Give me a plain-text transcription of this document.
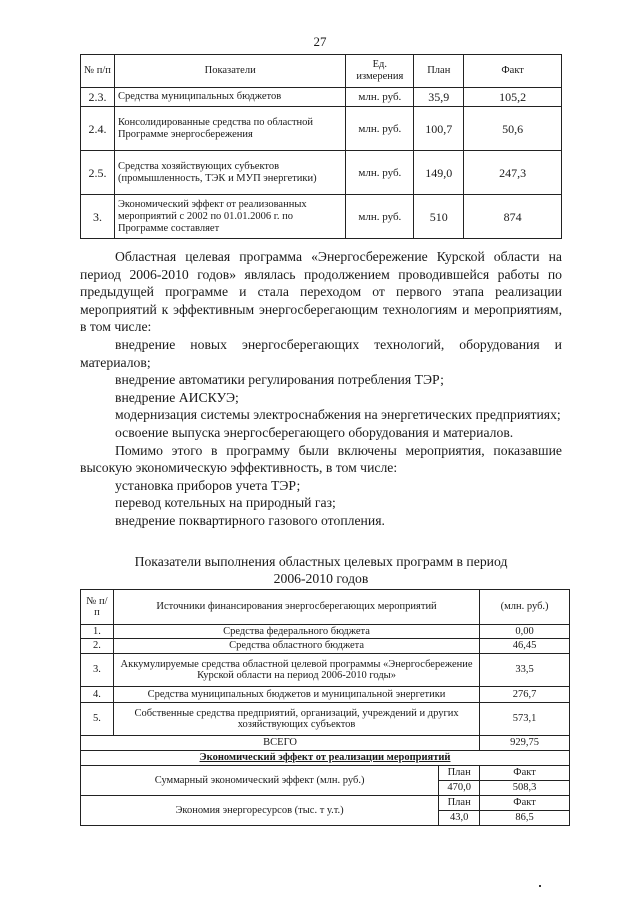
27
№ п/п	Показатели	Ед. измерения	План	Факт
2.3.	Средства муниципальных бюджетов	млн. руб.	35,9	105,2
2.4.	Консолидированные средства по областной Программе энергосбережения	млн. руб.	100,7	50,6
2.5.	Средства хозяйствующих субъектов (промышленность, ТЭК и МУП энергетики)	млн. руб.	149,0	247,3
3.	Экономический эффект от реализованных мероприятий с 2002 по 01.01.2006 г. по Программе составляет	млн. руб.	510	874

Областная целевая программа «Энергосбережение Курской области на период 2006-2010 годов» являлась продолжением проводившейся работы по предыдущей программе и стала переходом от первого этапа реализации мероприятий к эффективным энергосберегающим технологиям и мероприятиям, в том числе:

внедрение новых энергосберегающих технологий, оборудования и материалов;

внедрение автоматики регулирования потребления ТЭР;

внедрение АИСКУЭ;

модернизация системы электроснабжения на энергетических предприятиях;

освоение выпуска энергосберегающего оборудования и материалов.

Помимо этого в программу были включены мероприятия, показавшие высокую экономическую эффективность, в том числе:

установка приборов учета ТЭР;

перевод котельных на природный газ;

внедрение поквартирного газового отопления.

Показатели выполнения областных целевых программ в период
2006-2010 годов
№ п/п	Источники финансирования энергосберегающих мероприятий		(млн. руб.)
1.	Средства федерального бюджета		0,00
2.	Средства областного бюджета		46,45
3.	Аккумулируемые средства областной целевой программы «Энергосбережение Курской области на период 2006-2010 годы»		33,5
4.	Средства муниципальных бюджетов и муниципальной энергетики		276,7
5.	Собственные средства предприятий, организаций, учреждений и других хозяйствующих субъектов		573,1
ВСЕГО			929,75
Экономический эффект от реализации мероприятий			
Суммарный экономический эффект (млн. руб.)		План	Факт
		470,0	508,3
Экономия энергоресурсов (тыс. т у.т.)		План	Факт
		43,0	86,5
